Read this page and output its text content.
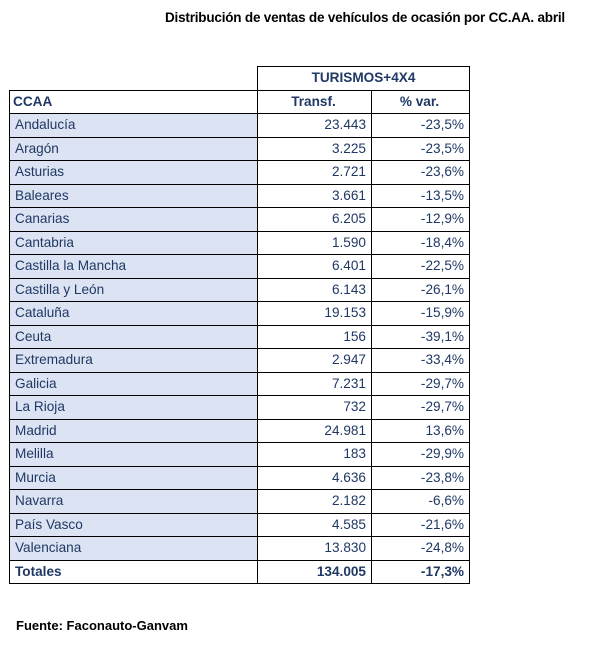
Distribución de ventas de vehículos de ocasión por CC.AA. abril
	TURISMOS+4X4	
CCAA	Transf.	% var.
Andalucía	23.443	-23,5%
Aragón	3.225	-23,5%
Asturias	2.721	-23,6%
Baleares	3.661	-13,5%
Canarias	6.205	-12,9%
Cantabria	1.590	-18,4%
Castilla la Mancha	6.401	-22,5%
Castilla y León	6.143	-26,1%
Cataluña	19.153	-15,9%
Ceuta	156	-39,1%
Extremadura	2.947	-33,4%
Galicia	7.231	-29,7%
La Rioja	732	-29,7%
Madrid	24.981	13,6%
Melilla	183	-29,9%
Murcia	4.636	-23,8%
Navarra	2.182	-6,6%
País Vasco	4.585	-21,6%
Valenciana	13.830	-24,8%
Totales	134.005	-17,3%
Fuente: Faconauto-Ganvam
